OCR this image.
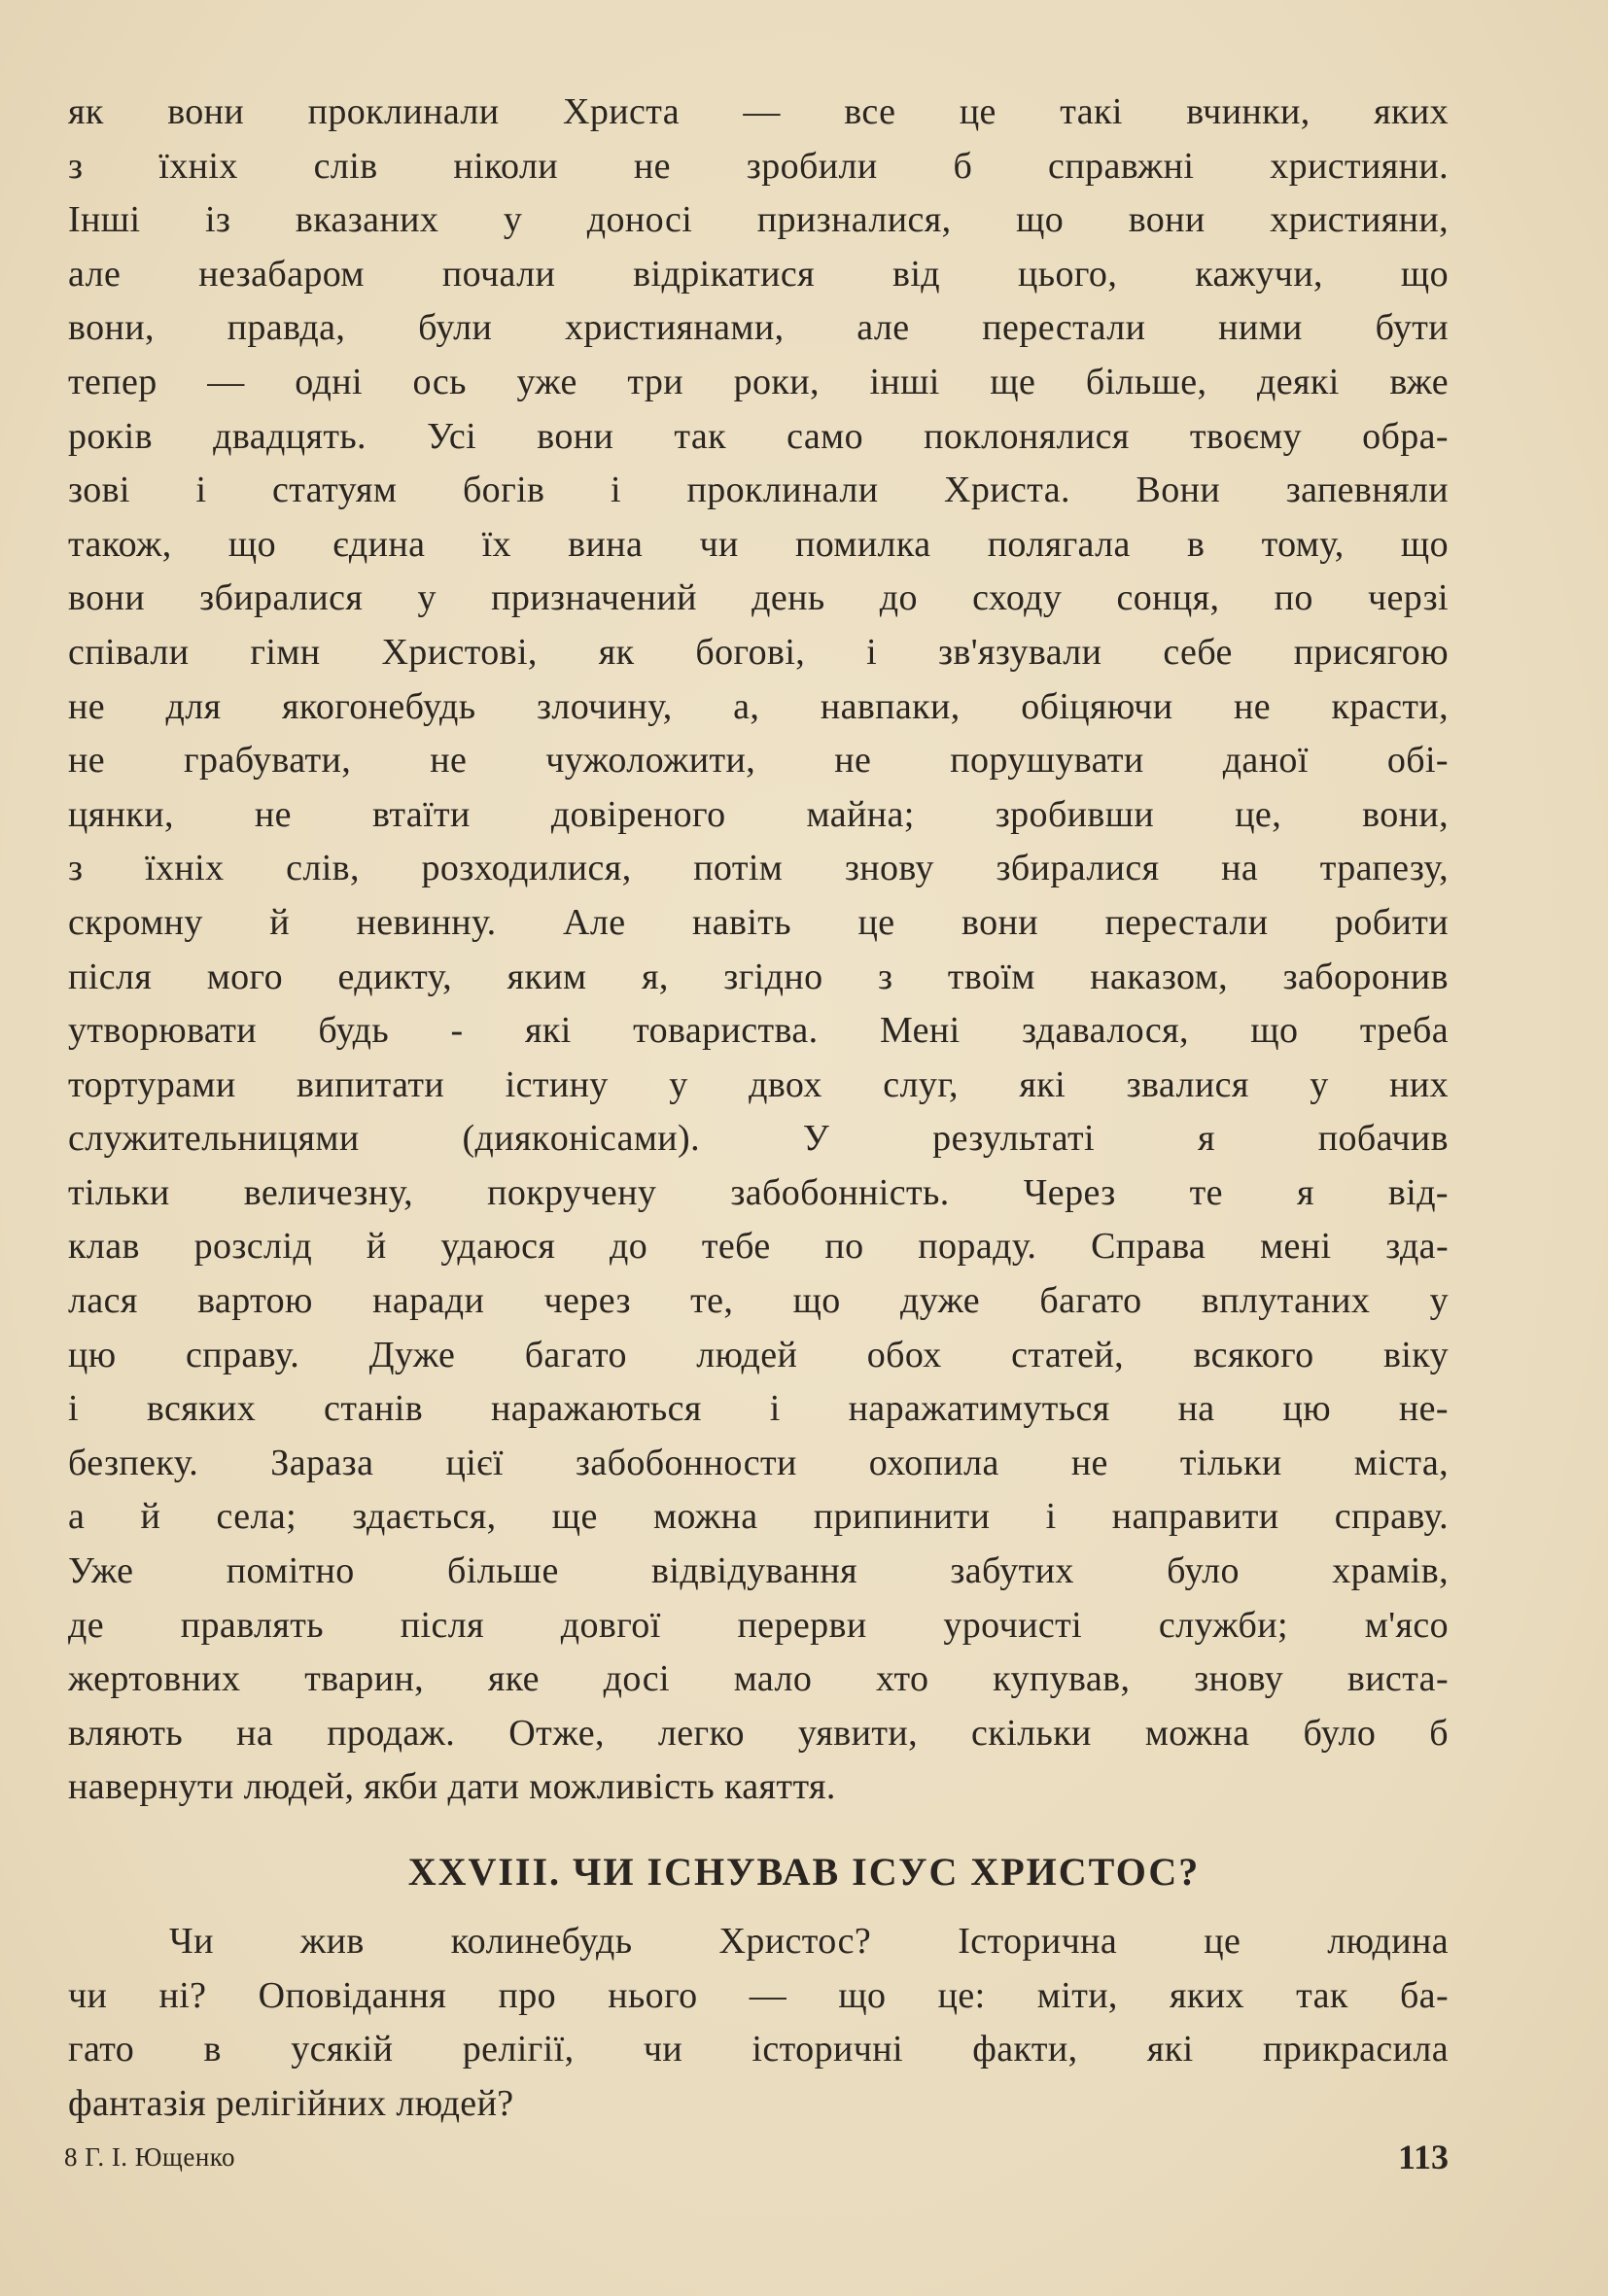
як вони проклинали Христа — все це такі вчинки, яких
з їхніх слів ніколи не зробили б справжні християни.
Інші із вказаних у доносі призналися, що вони християни,
але незабаром почали відрікатися від цього, кажучи, що
вони, правда, були християнами, але перестали ними бути
тепер — одні ось уже три роки, інші ще більше, деякі вже
років двадцять. Усі вони так само поклонялися твоєму обра-
зові і статуям богів і проклинали Христа. Вони запевняли
також, що єдина їх вина чи помилка полягала в тому, що
вони збиралися у призначений день до сходу сонця, по черзі
співали гімн Христові, як богові, і зв'язували себе присягою
не для якогонебудь злочину, а, навпаки, обіцяючи не красти,
не грабувати, не чужоложити, не порушувати даної обі-
цянки, не втаїти довіреного майна; зробивши це, вони,
з їхніх слів, розходилися, потім знову збиралися на трапезу,
скромну й невинну. Але навіть це вони перестали робити
після мого едикту, яким я, згідно з твоїм наказом, заборонив
утворювати будь - які товариства. Мені здавалося, що треба
тортурами випитати істину у двох слуг, які звалися у них
служительницями (диякoнісами). У результаті я побачив
тільки величезну, покручену забобонність. Через те я від-
клав розслід й удаюся до тебе по пораду. Справа мені зда-
лася вартою наради через те, що дуже багато вплутаних у
цю справу. Дуже багато людей обох статей, всякого віку
і всяких станів наражаються і наражатимуться на цю не-
безпеку. Зараза цієї забобонности охопила не тільки міста,
а й села; здається, ще можна припинити і направити справу.
Уже помітно більше відвідування забутих було храмів,
де правлять після довгої перерви урочисті служби; м'ясо
жертовних тварин, яке досі мало хто купував, знову виста-
вляють на продаж. Отже, легко уявити, скільки можна було б
навернути людей, якби дати можливість каяття.
XXVIII. ЧИ ІСНУВАВ ІСУС ХРИСТОС?
Чи жив колинебудь Христос? Історична це людина
чи ні? Оповідання про нього — що це: міти, яких так ба-
гато в усякій релігії, чи історичні факти, які прикрасила
фантазія релігійних людей?
8 Г. І. Ющенко	113
